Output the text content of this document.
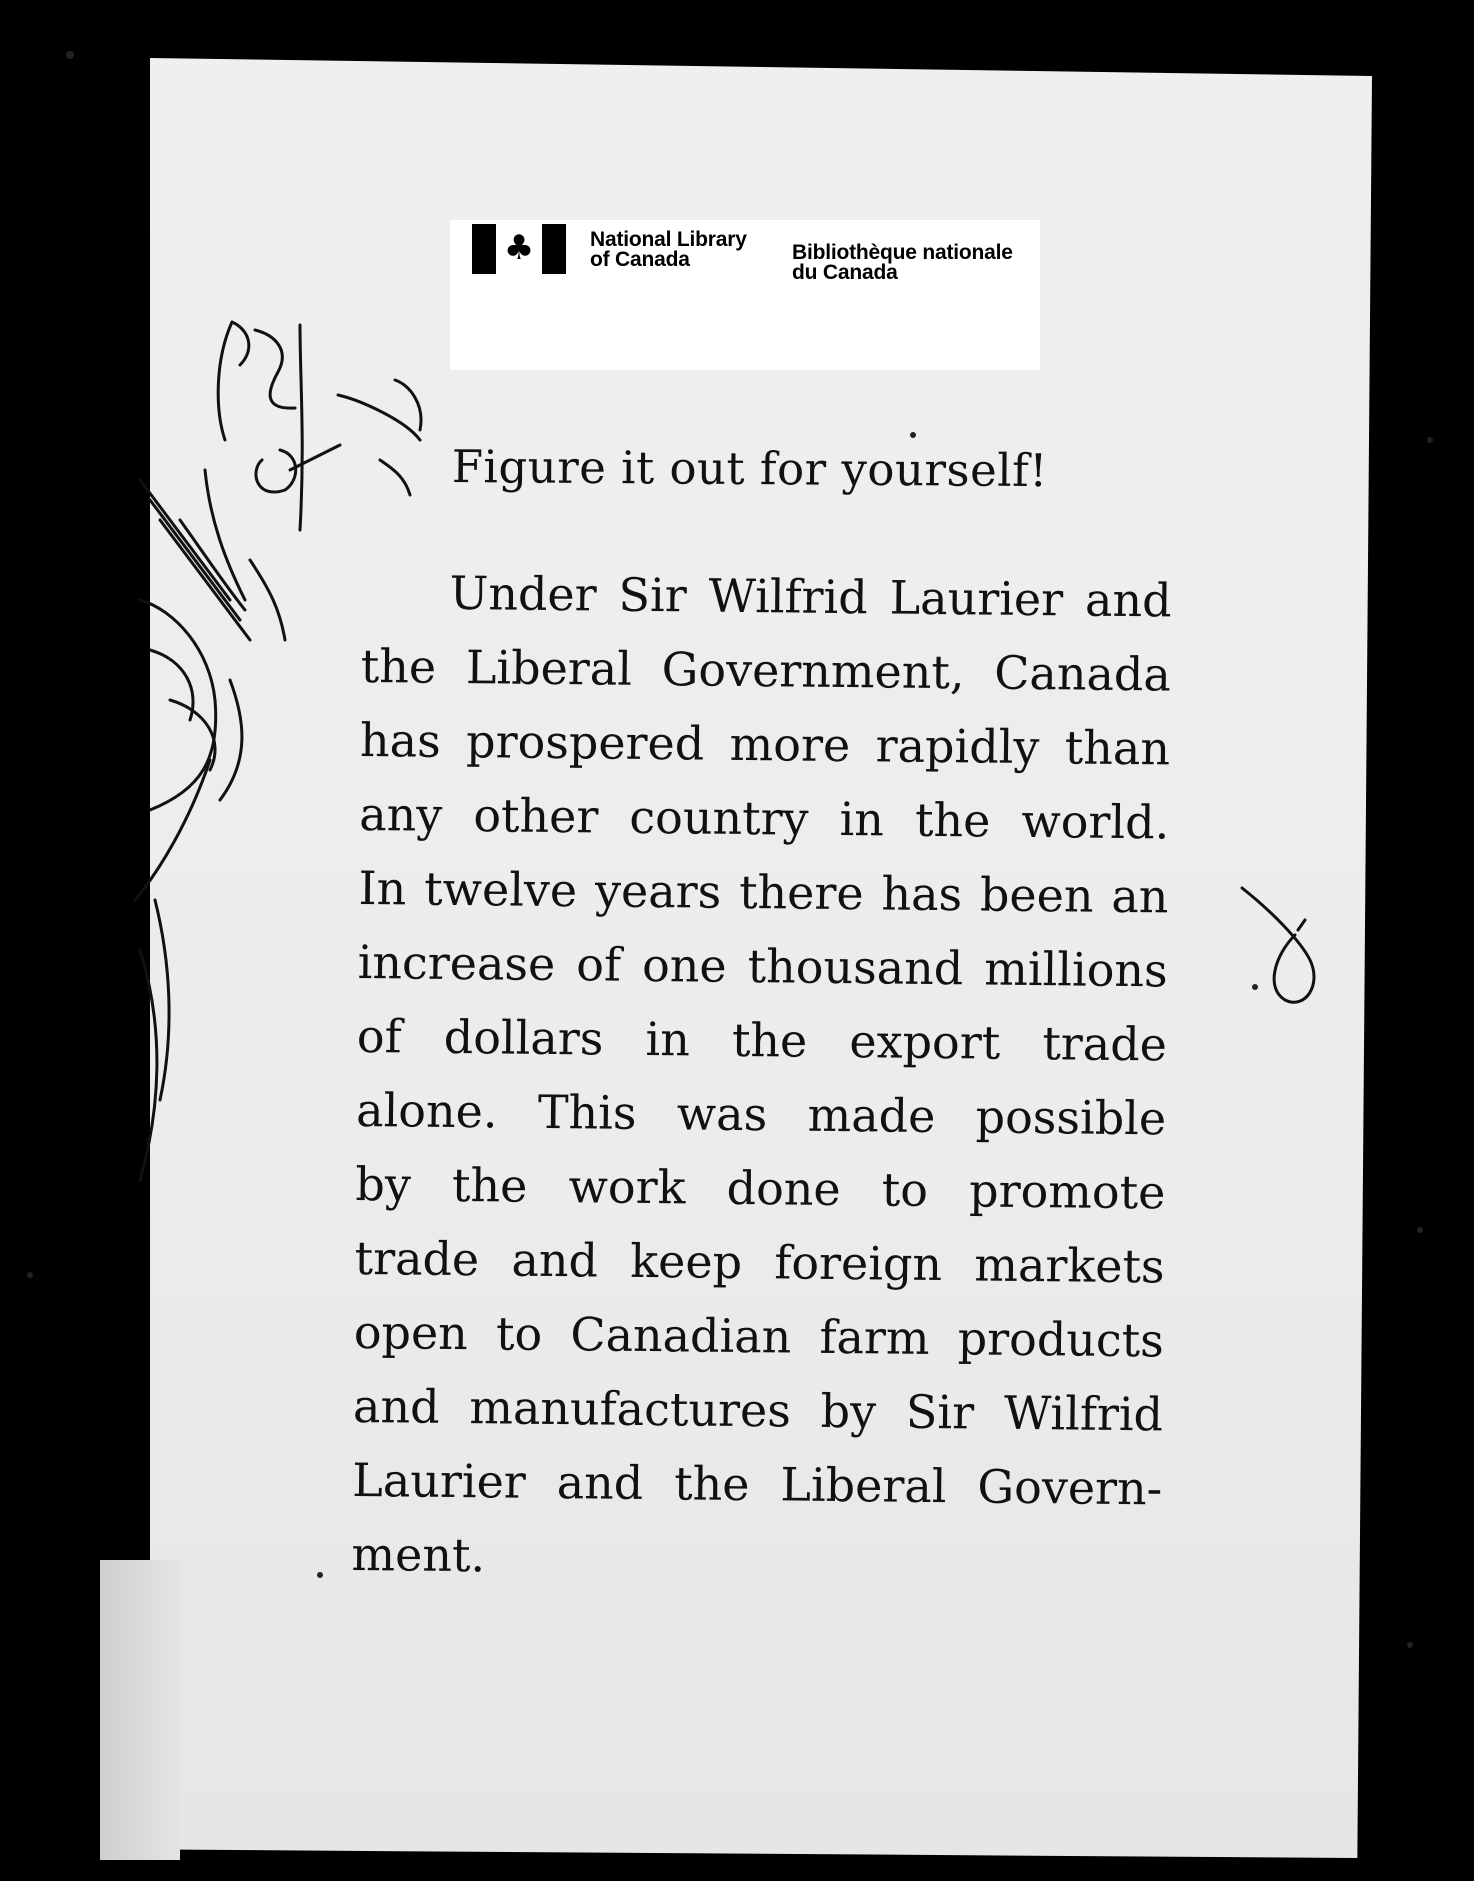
♣	National Library
of Canada	Bibliothèque nationale
du Canada
Figure it out for yourself!
Under Sir Wilfrid Laurier and
the Liberal Government, Canada
has prospered more rapidly than
any other country in the world.
In twelve years there has been an
increase of one thousand millions
of dollars in the export trade
alone. This was made possible
by the work done to promote
trade and keep foreign markets
open to Canadian farm products
and manufactures by Sir Wilfrid
Laurier and the Liberal Govern-
ment.
